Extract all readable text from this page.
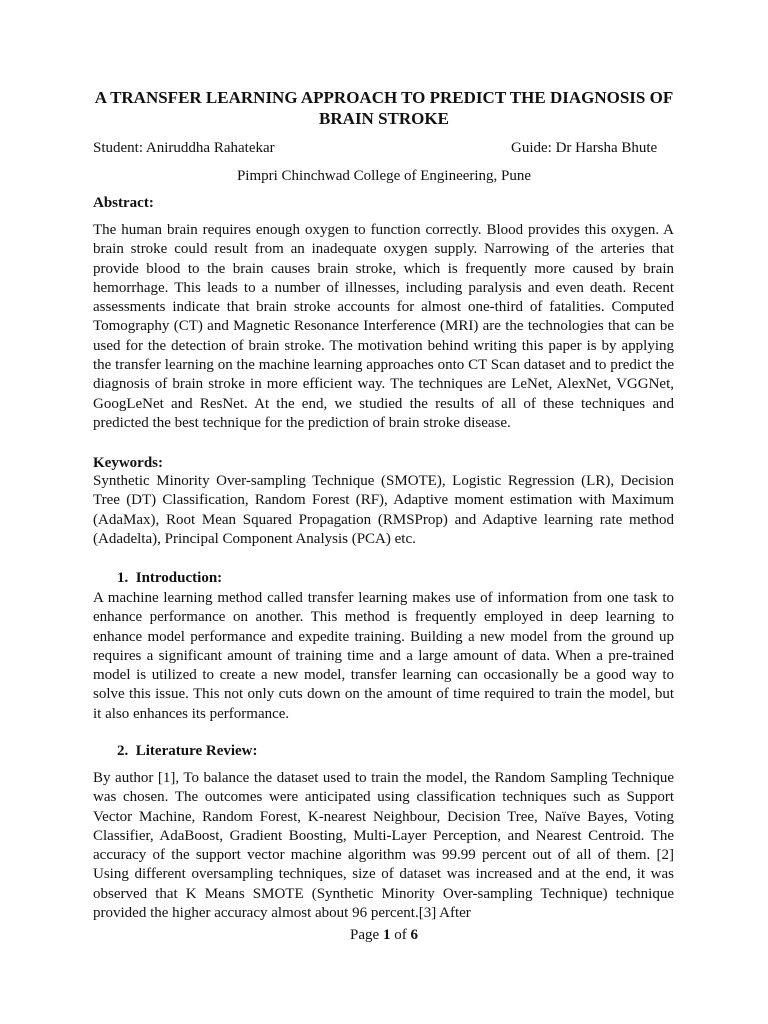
A TRANSFER LEARNING APPROACH TO PREDICT THE DIAGNOSIS OF BRAIN STROKE
Student: Aniruddha Rahatekar	Guide: Dr Harsha Bhute
Pimpri Chinchwad College of Engineering, Pune
Abstract:

The human brain requires enough oxygen to function correctly. Blood provides this oxygen. A brain stroke could result from an inadequate oxygen supply. Narrowing of the arteries that provide blood to the brain causes brain stroke, which is frequently more caused by brain hemorrhage. This leads to a number of illnesses, including paralysis and even death. Recent assessments indicate that brain stroke accounts for almost one-third of fatalities. Computed Tomography (CT) and Magnetic Resonance Interference (MRI) are the technologies that can be used for the detection of brain stroke. The motivation behind writing this paper is by applying the transfer learning on the machine learning approaches onto CT Scan dataset and to predict the diagnosis of brain stroke in more efficient way. The techniques are LeNet, AlexNet, VGGNet, GoogLeNet and ResNet. At the end, we studied the results of all of these techniques and predicted the best technique for the prediction of brain stroke disease.

Keywords:

Synthetic Minority Over-sampling Technique (SMOTE), Logistic Regression (LR), Decision Tree (DT) Classification, Random Forest (RF), Adaptive moment estimation with Maximum (AdaMax), Root Mean Squared Propagation (RMSProp) and Adaptive learning rate method (Adadelta), Principal Component Analysis (PCA) etc.

1.  Introduction:

A machine learning method called transfer learning makes use of information from one task to enhance performance on another. This method is frequently employed in deep learning to enhance model performance and expedite training. Building a new model from the ground up requires a significant amount of training time and a large amount of data. When a pre-trained model is utilized to create a new model, transfer learning can occasionally be a good way to solve this issue. This not only cuts down on the amount of time required to train the model, but it also enhances its performance.

2.  Literature Review:

By author [1], To balance the dataset used to train the model, the Random Sampling Technique was chosen. The outcomes were anticipated using classification techniques such as Support Vector Machine, Random Forest, K-nearest Neighbour, Decision Tree, Naïve Bayes, Voting Classifier, AdaBoost, Gradient Boosting, Multi-Layer Perception, and Nearest Centroid. The accuracy of the support vector machine algorithm was 99.99 percent out of all of them. [2] Using different oversampling techniques, size of dataset was increased and at the end, it was observed that K Means SMOTE (Synthetic Minority Over-sampling Technique) technique provided the higher accuracy almost about 96 percent.[3] After

Page 1 of 6
